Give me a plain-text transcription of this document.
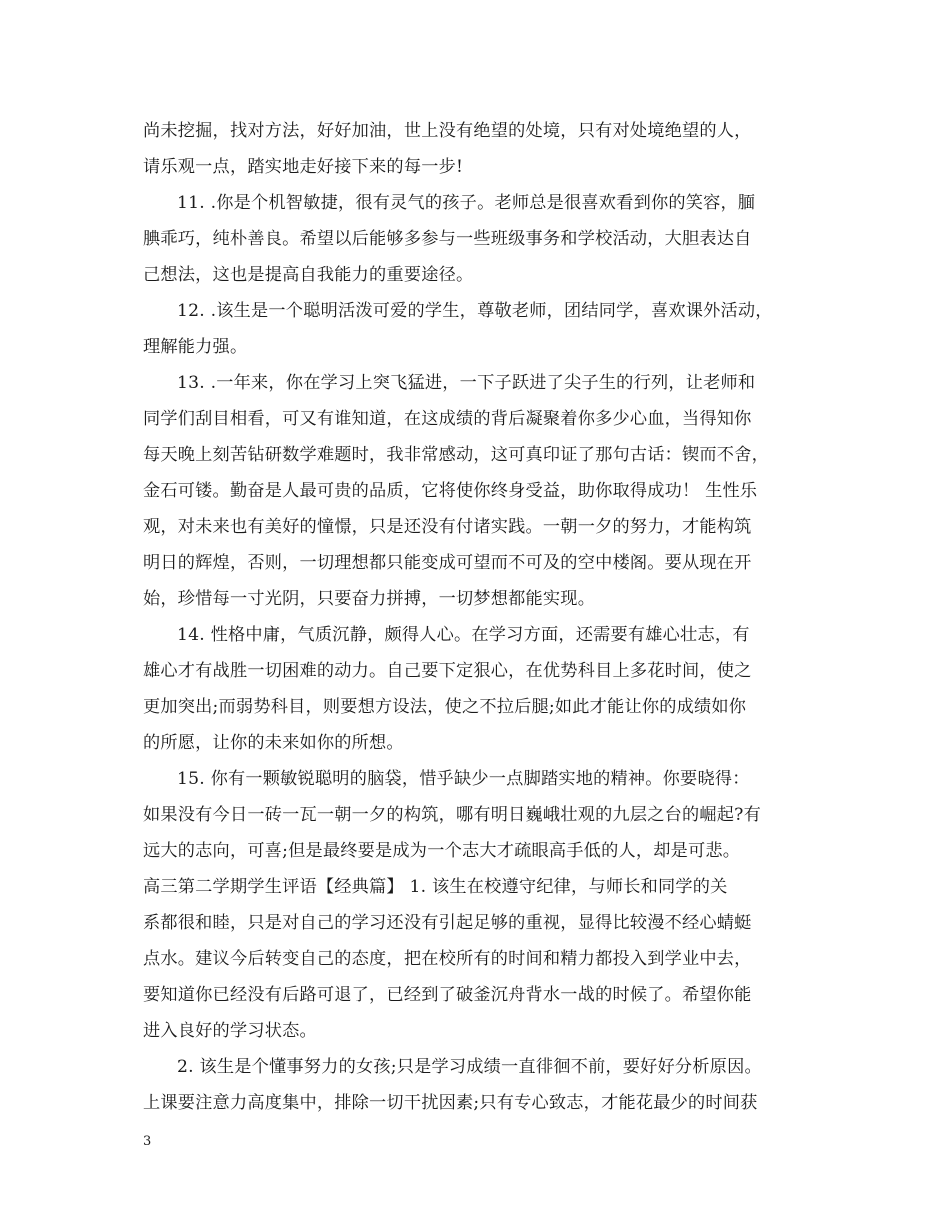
尚未挖掘，找对方法，好好加油，世上没有绝望的处境，只有对处境绝望的人，
请乐观一点，踏实地走好接下来的每一步!
11. .你是个机智敏捷，很有灵气的孩子。老师总是很喜欢看到你的笑容，腼
腆乖巧，纯朴善良。希望以后能够多参与一些班级事务和学校活动，大胆表达自
己想法，这也是提高自我能力的重要途径。
12. .该生是一个聪明活泼可爱的学生，尊敬老师，团结同学，喜欢课外活动，
理解能力强。
13. .一年来，你在学习上突飞猛进，一下子跃进了尖子生的行列，让老师和
同学们刮目相看，可又有谁知道，在这成绩的背后凝聚着你多少心血，当得知你
每天晚上刻苦钻研数学难题时，我非常感动，这可真印证了那句古话：锲而不舍，
金石可镂。勤奋是人最可贵的品质，它将使你终身受益，助你取得成功！ 生性乐
观，对未来也有美好的憧憬，只是还没有付诸实践。一朝一夕的努力，才能构筑
明日的辉煌，否则，一切理想都只能变成可望而不可及的空中楼阁。要从现在开
始，珍惜每一寸光阴，只要奋力拼搏，一切梦想都能实现。
14. 性格中庸，气质沉静，颇得人心。在学习方面，还需要有雄心壮志，有
雄心才有战胜一切困难的动力。自己要下定狠心，在优势科目上多花时间，使之
更加突出;而弱势科目，则要想方设法，使之不拉后腿;如此才能让你的成绩如你
的所愿，让你的未来如你的所想。
15. 你有一颗敏锐聪明的脑袋，惜乎缺少一点脚踏实地的精神。你要晓得：
如果没有今日一砖一瓦一朝一夕的构筑，哪有明日巍峨壮观的九层之台的崛起?有
远大的志向，可喜;但是最终要是成为一个志大才疏眼高手低的人，却是可悲。
高三第二学期学生评语【经典篇】 1. 该生在校遵守纪律，与师长和同学的关
系都很和睦，只是对自己的学习还没有引起足够的重视，显得比较漫不经心蜻蜓
点水。建议今后转变自己的态度，把在校所有的时间和精力都投入到学业中去，
要知道你已经没有后路可退了，已经到了破釜沉舟背水一战的时候了。希望你能
进入良好的学习状态。
2. 该生是个懂事努力的女孩;只是学习成绩一直徘徊不前，要好好分析原因。
上课要注意力高度集中，排除一切干扰因素;只有专心致志，才能花最少的时间获
3
